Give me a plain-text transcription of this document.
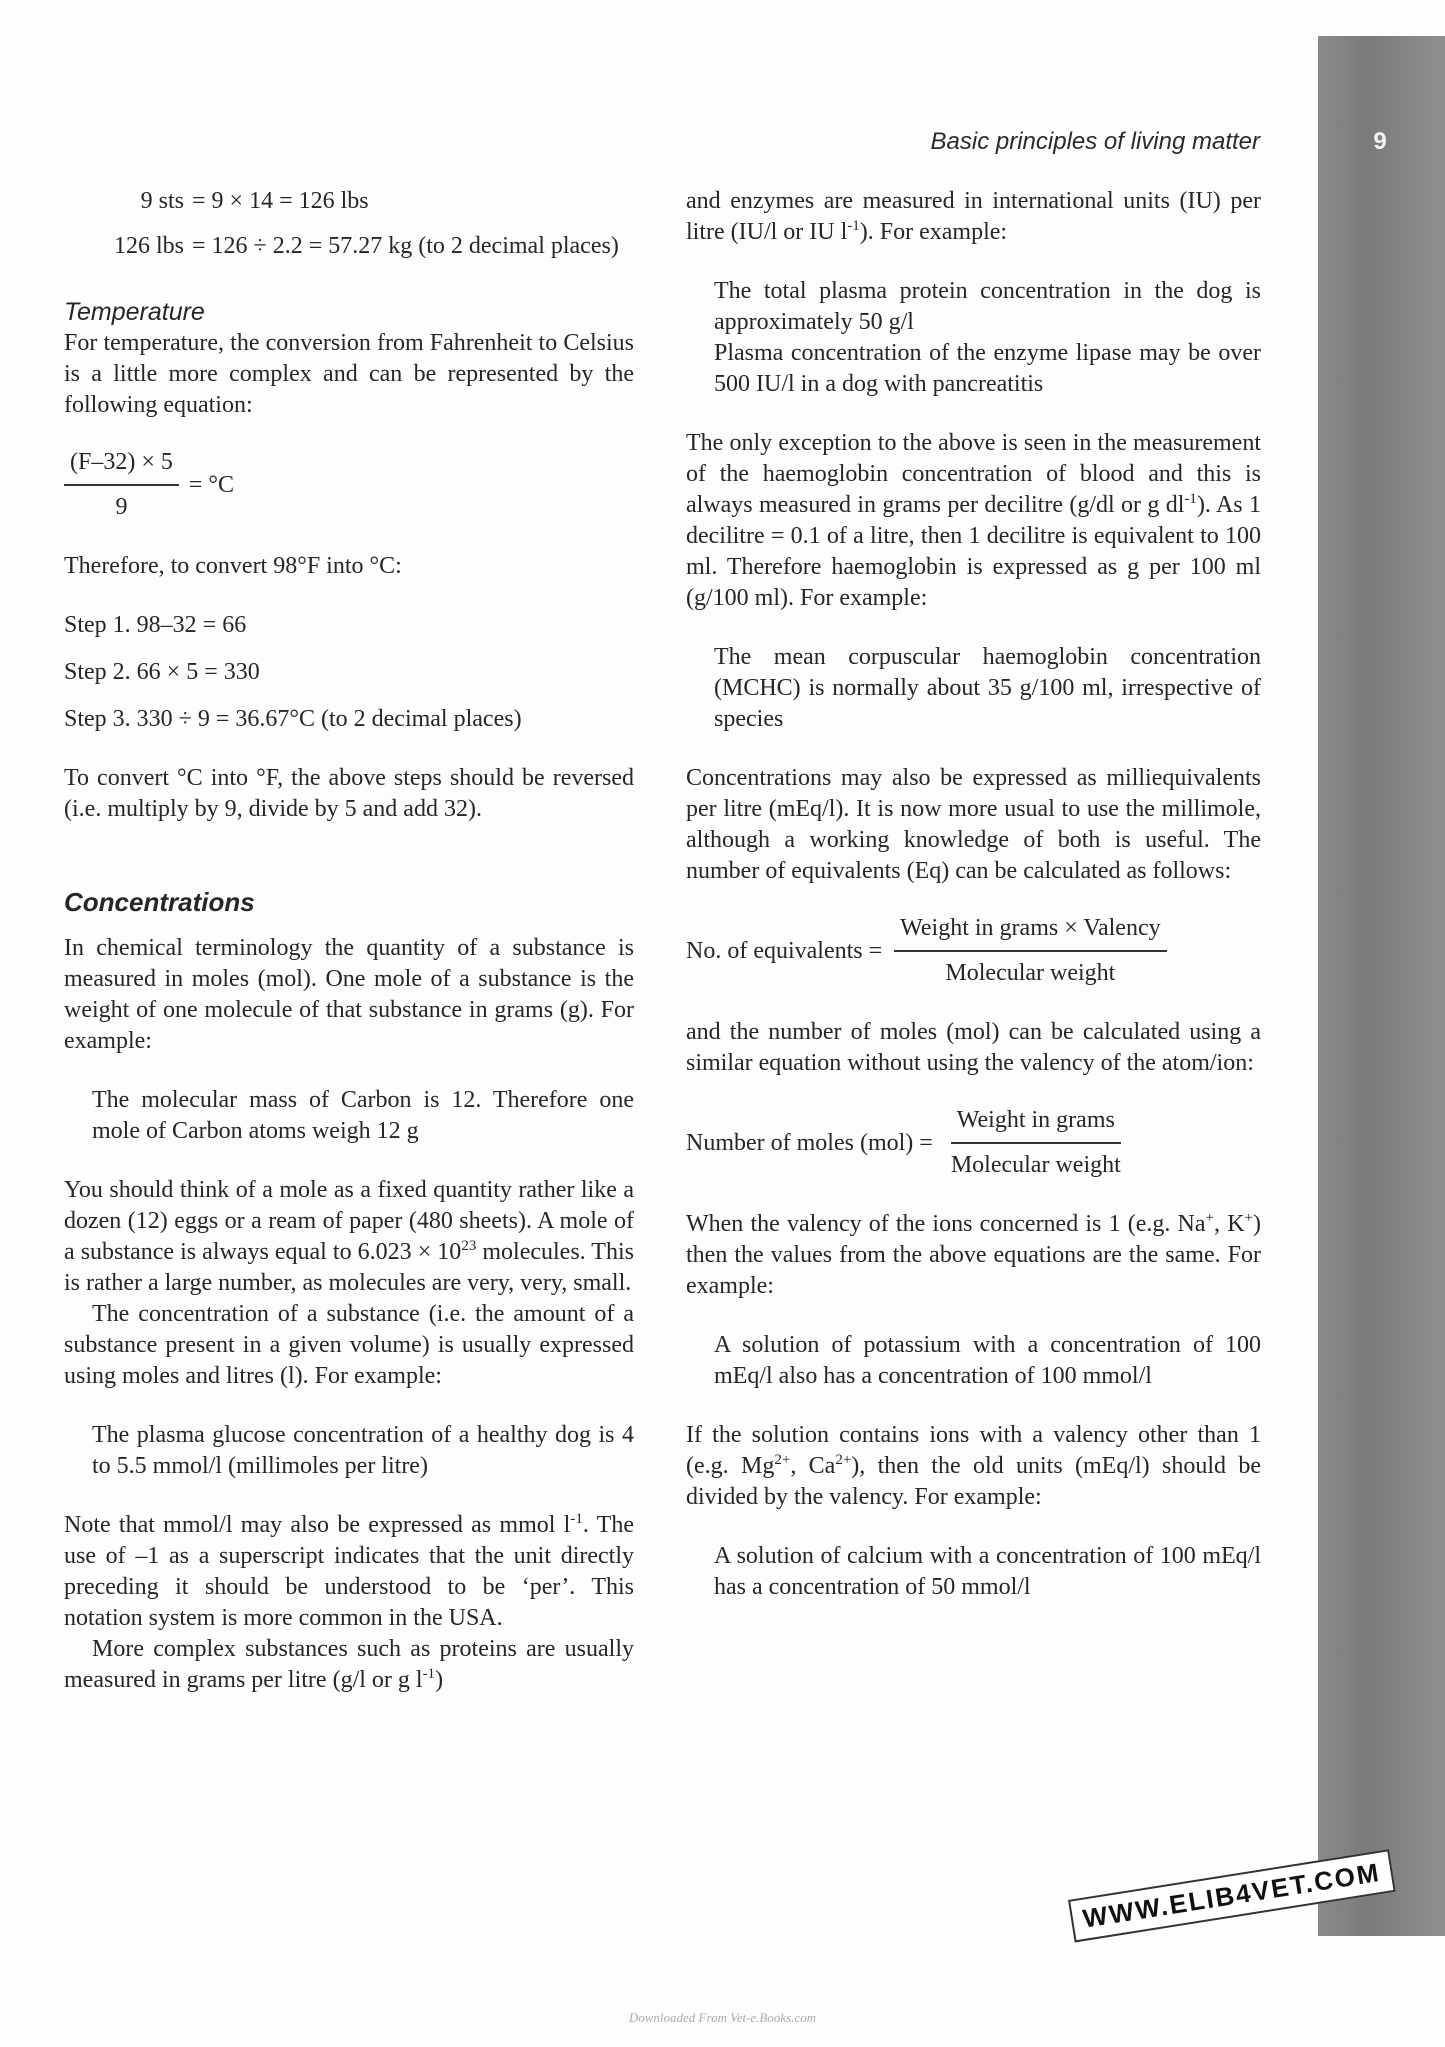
9
Basic principles of living matter
9 sts = 9 × 14 = 126 lbs
126 lbs = 126 ÷ 2.2 = 57.27 kg (to 2 decimal places)
Temperature

For temperature, the conversion from Fahrenheit to Celsius is a little more complex and can be represented by the following equation:

$\frac{(F-32) \times 5}{9} = ^\circ C$

Therefore, to convert 98°F into °C:

Step 1. 98–32 = 66

Step 2. 66 × 5 = 330

Step 3. 330 ÷ 9 = 36.67°C (to 2 decimal places)

To convert °C into °F, the above steps should be reversed (i.e. multiply by 9, divide by 5 and add 32).

Concentrations

In chemical terminology the quantity of a substance is measured in moles (mol). One mole of a substance is the weight of one molecule of that substance in grams (g). For example:

The molecular mass of Carbon is 12. Therefore one mole of Carbon atoms weigh 12 g

You should think of a mole as a fixed quantity rather like a dozen (12) eggs or a ream of paper (480 sheets). A mole of a substance is always equal to $6.023 \times 10^{23}$ molecules. This is rather a large number, as molecules are very, very, small.

The concentration of a substance (i.e. the amount of a substance present in a given volume) is usually expressed using moles and litres (l). For example:

The plasma glucose concentration of a healthy dog is 4 to 5.5 mmol/l (millimoles per litre)

Note that mmol/l may also be expressed as mmol $l^{-1}$. The use of –1 as a superscript indicates that the unit directly preceding it should be understood to be ‘per’. This notation system is more common in the USA.

More complex substances such as proteins are usually measured in grams per litre (g/l or g $l^{-1}$)

and enzymes are measured in international units (IU) per litre (IU/l or IU $l^{-1}$). For example:

The total plasma protein concentration in the dog is approximately 50 g/l
Plasma concentration of the enzyme lipase may be over 500 IU/l in a dog with pancreatitis

The only exception to the above is seen in the measurement of the haemoglobin concentration of blood and this is always measured in grams per decilitre (g/dl or g $dl^{-1}$). As 1 decilitre = 0.1 of a litre, then 1 decilitre is equivalent to 100 ml. Therefore haemoglobin is expressed as g per 100 ml (g/100 ml). For example:

The mean corpuscular haemoglobin concentration (MCHC) is normally about 35 g/100 ml, irrespective of species

Concentrations may also be expressed as milliequivalents per litre (mEq/l). It is now more usual to use the millimole, although a working knowledge of both is useful. The number of equivalents (Eq) can be calculated as follows:

No. of equivalents = $\frac{\text{Weight in grams × Valency}}{\text{Molecular weight}}$

and the number of moles (mol) can be calculated using a similar equation without using the valency of the atom/ion:

Number of moles $(mol) = \frac{\text{Weight in grams}}{\text{Molecular weight}}$

When the valency of the ions concerned is 1 (e.g. Na+, K+) then the values from the above equations are the same. For example:

A solution of potassium with a concentration of 100 mEq/l also has a concentration of 100 mmol/l

If the solution contains ions with a valency other than 1 (e.g. $Mg^{2+}$, $Ca^{2+}$), then the old units (mEq/l) should be divided by the valency. For example:

A solution of calcium with a concentration of 100 mEq/l has a concentration of 50 mmol/l
WWW.ELIB4VET.COM
Downloaded From Vet-e.Books.com
